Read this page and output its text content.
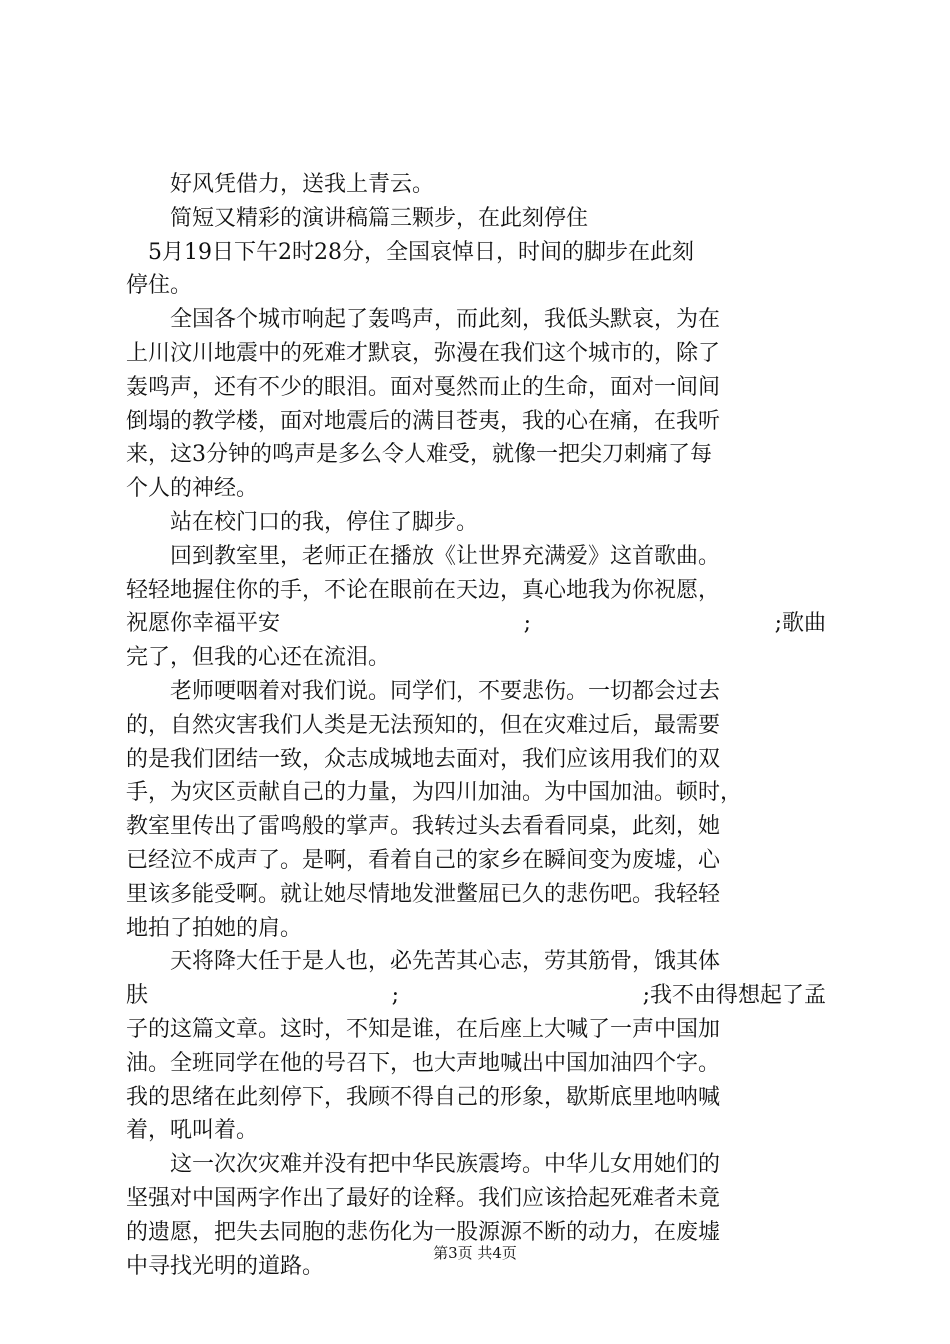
　　好风凭借力，送我上青云。
　　简短又精彩的演讲稿篇三颗步，在此刻停住
　5月19日下午2时28分，全国哀悼日，时间的脚步在此刻
停住。
　　全国各个城市响起了轰鸣声，而此刻，我低头默哀，为在
上川汶川地震中的死难才默哀，弥漫在我们这个城市的，除了
轰鸣声，还有不少的眼泪。面对戛然而止的生命，面对一间间
倒塌的教学楼，面对地震后的满目苍夷，我的心在痛，在我听
来，这3分钟的鸣声是多么令人难受，就像一把尖刀刺痛了每
个人的神经。
　　站在校门口的我，停住了脚步。
　　回到教室里，老师正在播放《让世界充满爱》这首歌曲。
轻轻地握住你的手，不论在眼前在天边，真心地我为你祝愿，
祝愿你幸福平安	;	;歌曲
完了，但我的心还在流泪。
　　老师哽咽着对我们说。同学们，不要悲伤。一切都会过去
的，自然灾害我们人类是无法预知的，但在灾难过后，最需要
的是我们团结一致，众志成城地去面对，我们应该用我们的双
手，为灾区贡献自己的力量，为四川加油。为中国加油。顿时，
教室里传出了雷鸣般的掌声。我转过头去看看同桌，此刻，她
已经泣不成声了。是啊，看着自己的家乡在瞬间变为废墟，心
里该多能受啊。就让她尽情地发泄鳖屈已久的悲伤吧。我轻轻
地拍了拍她的肩。
　　天将降大任于是人也，必先苦其心志，劳其筋骨，饿其体
肤	;	;我不由得想起了孟
子的这篇文章。这时，不知是谁，在后座上大喊了一声中国加
油。全班同学在他的号召下，也大声地喊出中国加油四个字。
我的思绪在此刻停下，我顾不得自己的形象，歇斯底里地呐喊
着，吼叫着。
　　这一次次灾难并没有把中华民族震垮。中华儿女用她们的
坚强对中国两字作出了最好的诠释。我们应该拾起死难者未竟
的遗愿，把失去同胞的悲伤化为一股源源不断的动力，在废墟
中寻找光明的道路。
第3页 共4页
